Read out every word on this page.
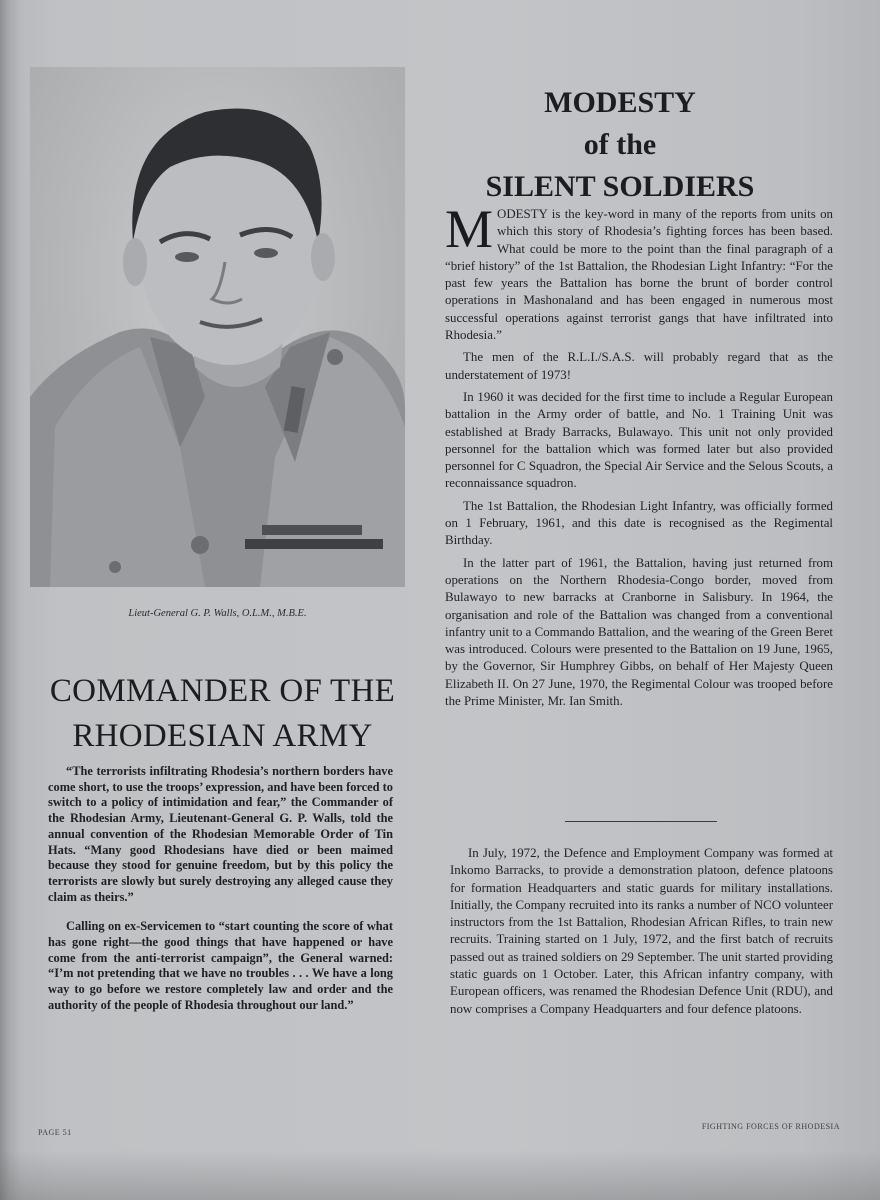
Lieut-General G. P. Walls, O.L.M., M.B.E.
COMMANDER OF THE
RHODESIAN ARMY

“The terrorists infiltrating Rhodesia’s northern borders have come short, to use the troops’ expression, and have been forced to switch to a policy of intimidation and fear,” the Commander of the Rhodesian Army, Lieutenant-General G. P. Walls, told the annual convention of the Rhodesian Memorable Order of Tin Hats. “Many good Rhodesians have died or been maimed because they stood for genuine freedom, but by this policy the terrorists are slowly but surely destroying any alleged cause they claim as theirs.”

Calling on ex-Servicemen to “start counting the score of what has gone right—the good things that have happened or have come from the anti-terrorist campaign”, the General warned: “I’m not pretending that we have no troubles . . . We have a long way to go before we restore completely law and order and the authority of the people of Rhodesia throughout our land.”

MODESTY
of the
SILENT SOLDIERS

MODESTY is the key-word in many of the reports from units on which this story of Rhodesia’s fighting forces has been based. What could be more to the point than the final paragraph of a “brief history” of the 1st Battalion, the Rhodesian Light Infantry: “For the past few years the Battalion has borne the brunt of border control operations in Mashonaland and has been engaged in numerous most successful operations against terrorist gangs that have infiltrated into Rhodesia.”

The men of the R.L.I./S.A.S. will probably regard that as the understatement of 1973!

In 1960 it was decided for the first time to include a Regular European battalion in the Army order of battle, and No. 1 Training Unit was established at Brady Barracks, Bulawayo. This unit not only provided personnel for the battalion which was formed later but also provided personnel for C Squadron, the Special Air Service and the Selous Scouts, a reconnaissance squadron.

The 1st Battalion, the Rhodesian Light Infantry, was officially formed on 1 February, 1961, and this date is recognised as the Regimental Birthday.

In the latter part of 1961, the Battalion, having just returned from operations on the Northern Rhodesia-Congo border, moved from Bulawayo to new barracks at Cranborne in Salisbury. In 1964, the organisation and role of the Battalion was changed from a conventional infantry unit to a Commando Battalion, and the wearing of the Green Beret was introduced. Colours were presented to the Battalion on 19 June, 1965, by the Governor, Sir Humphrey Gibbs, on behalf of Her Majesty Queen Elizabeth II. On 27 June, 1970, the Regimental Colour was trooped before the Prime Minister, Mr. Ian Smith.

In July, 1972, the Defence and Employment Company was formed at Inkomo Barracks, to provide a demonstration platoon, defence platoons for formation Headquarters and static guards for military installations. Initially, the Company recruited into its ranks a number of NCO volunteer instructors from the 1st Battalion, Rhodesian African Rifles, to train new recruits. Training started on 1 July, 1972, and the first batch of recruits passed out as trained soldiers on 29 September. The unit started providing static guards on 1 October. Later, this African infantry company, with European officers, was renamed the Rhodesian Defence Unit (RDU), and now comprises a Company Headquarters and four defence platoons.

PAGE 51
FIGHTING FORCES OF RHODESIA
